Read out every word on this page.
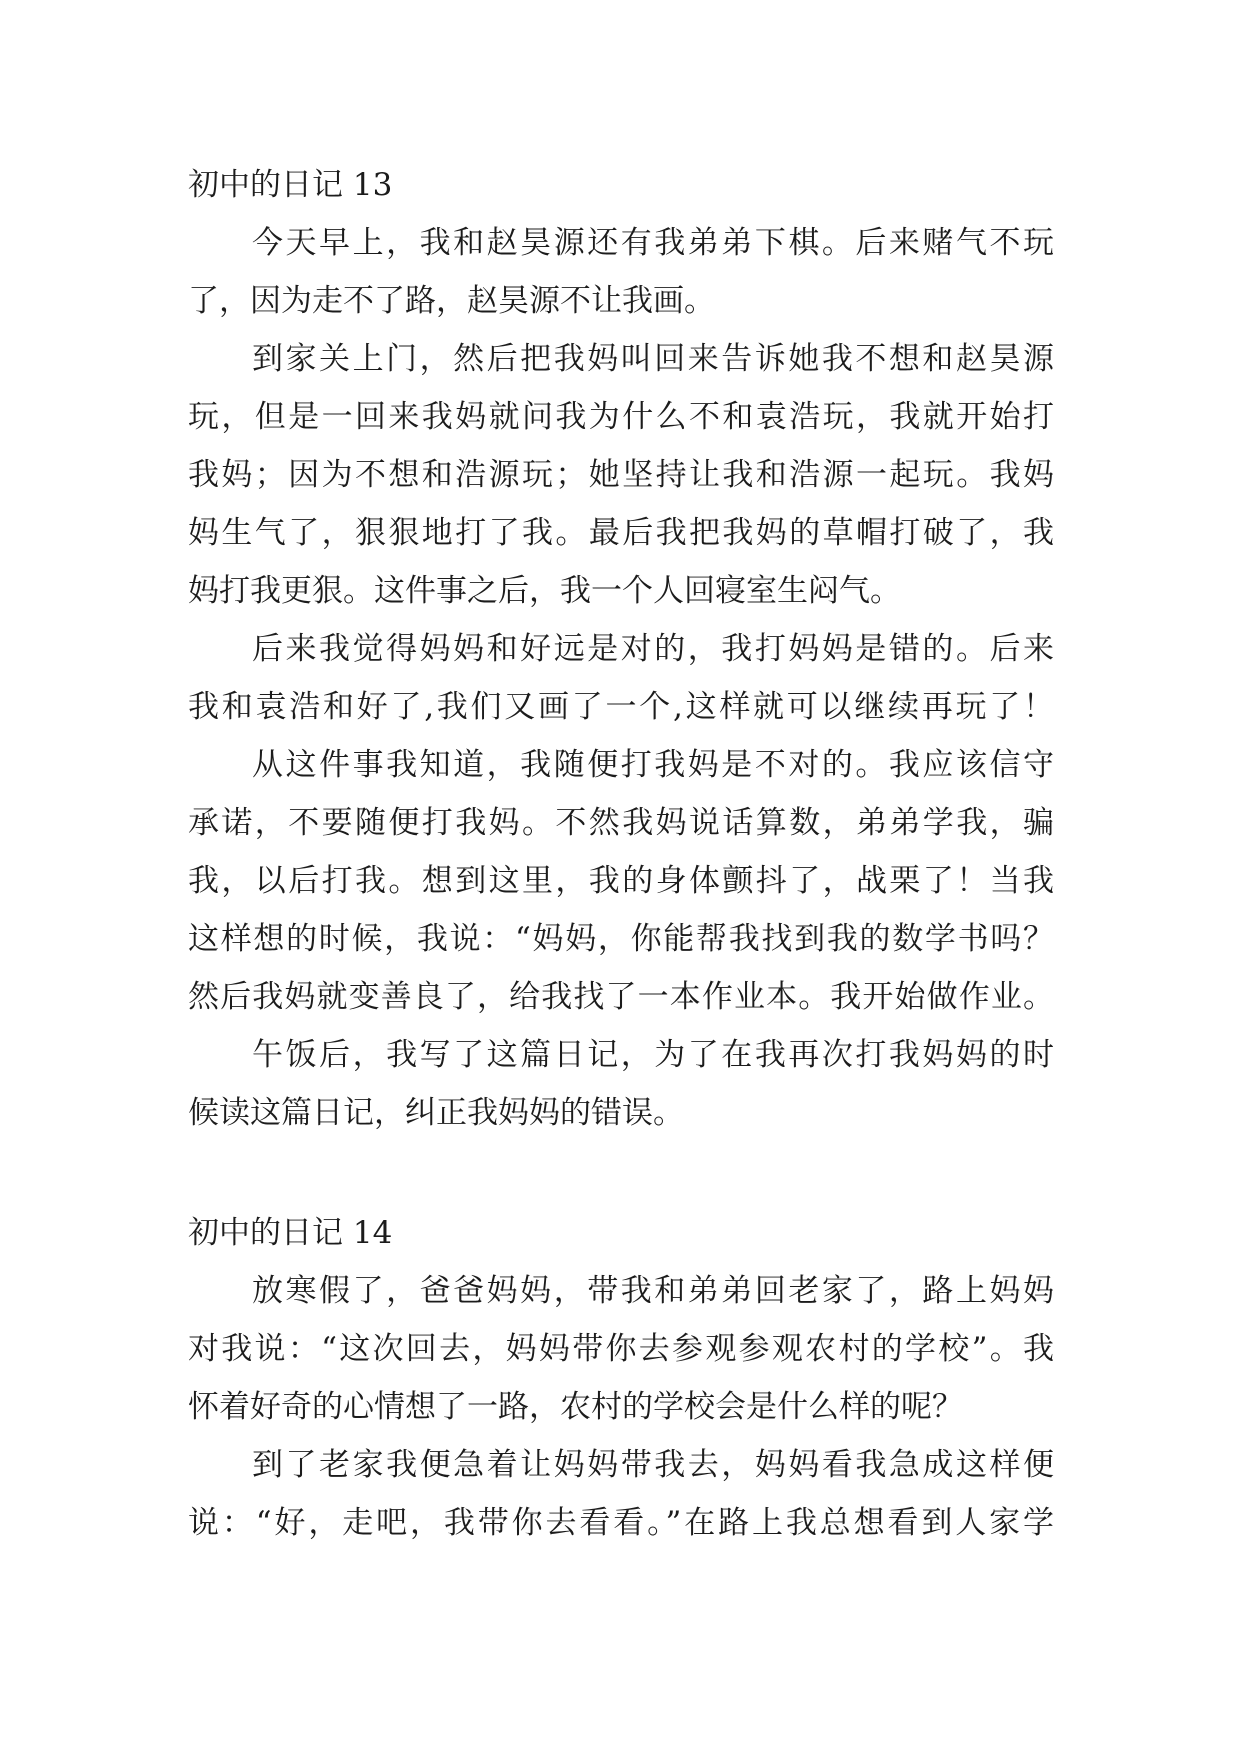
初中的日记 13
今天早上，我和赵昊源还有我弟弟下棋。后来赌气不玩
了，因为走不了路，赵昊源不让我画。
到家关上门，然后把我妈叫回来告诉她我不想和赵昊源
玩，但是一回来我妈就问我为什么不和袁浩玩，我就开始打
我妈；因为不想和浩源玩；她坚持让我和浩源一起玩。我妈
妈生气了，狠狠地打了我。最后我把我妈的草帽打破了，我
妈打我更狠。这件事之后，我一个人回寝室生闷气。
后来我觉得妈妈和好远是对的，我打妈妈是错的。后来
我和袁浩和好了,我们又画了一个,这样就可以继续再玩了！
从这件事我知道，我随便打我妈是不对的。我应该信守
承诺，不要随便打我妈。不然我妈说话算数，弟弟学我，骗
我，以后打我。想到这里，我的身体颤抖了，战栗了！当我
这样想的时候，我说：“妈妈，你能帮我找到我的数学书吗？
然后我妈就变善良了，给我找了一本作业本。我开始做作业。
午饭后，我写了这篇日记，为了在我再次打我妈妈的时
候读这篇日记，纠正我妈妈的错误。
初中的日记 14
放寒假了，爸爸妈妈，带我和弟弟回老家了，路上妈妈
对我说：“这次回去，妈妈带你去参观参观农村的学校”。我
怀着好奇的心情想了一路，农村的学校会是什么样的呢？
到了老家我便急着让妈妈带我去，妈妈看我急成这样便
说：“好，走吧，我带你去看看。”在路上我总想看到人家学
